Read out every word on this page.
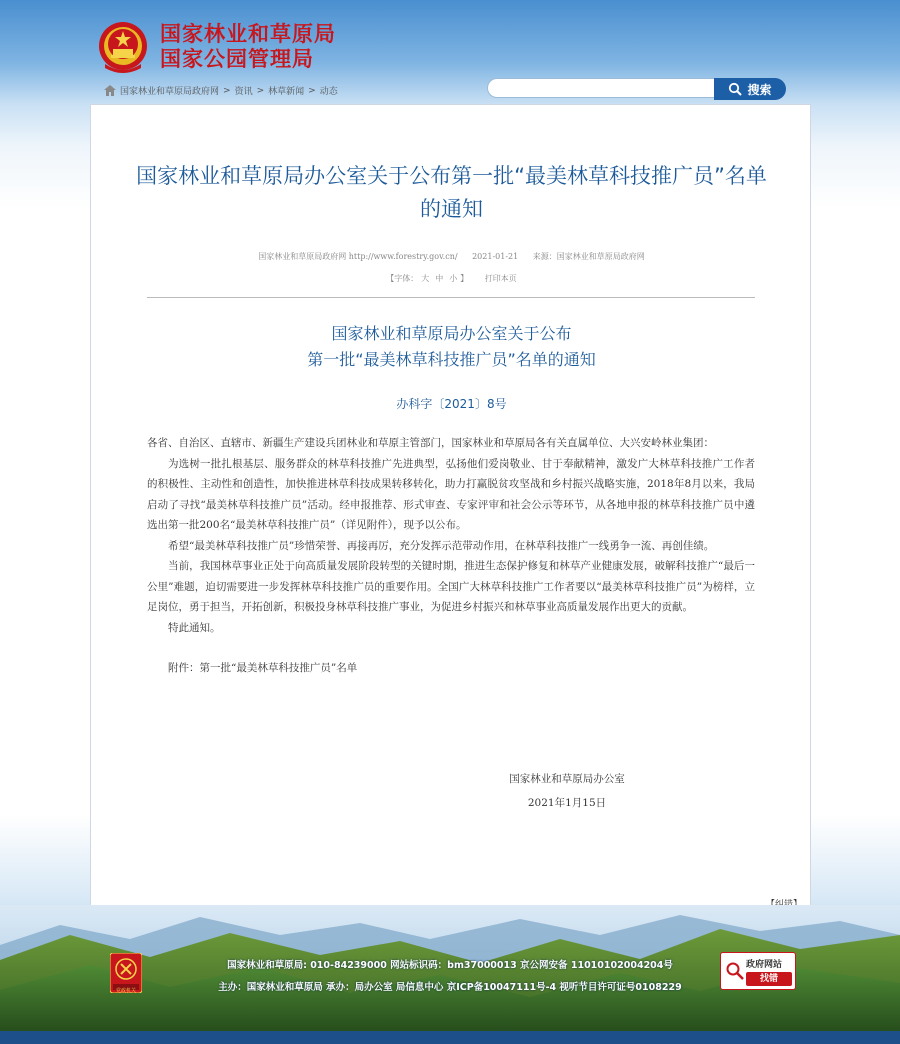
国家林业和草原局
国家公园管理局
国家林业和草原局政府网 > 资讯 > 林草新闻 > 动态	搜索
国家林业和草原局办公室关于公布第一批“最美林草科技推广员”名单的通知
国家林业和草原局政府网 http://www.forestry.gov.cn/ 2021-01-21 来源：国家林业和草原局政府网
【字体： 大 中 小 】 打印本页
国家林业和草原局办公室关于公布
第一批“最美林草科技推广员”名单的通知
办科字〔2021〕8号

各省、自治区、直辖市、新疆生产建设兵团林业和草原主管部门，国家林业和草原局各有关直属单位、大兴安岭林业集团：

为选树一批扎根基层、服务群众的林草科技推广先进典型，弘扬他们爱岗敬业、甘于奉献精神，激发广大林草科技推广工作者的积极性、主动性和创造性，加快推进林草科技成果转移转化，助力打赢脱贫攻坚战和乡村振兴战略实施，2018年8月以来，我局启动了寻找“最美林草科技推广员”活动。经申报推荐、形式审查、专家评审和社会公示等环节，从各地申报的林草科技推广员中遴选出第一批200名“最美林草科技推广员”（详见附件），现予以公布。

希望“最美林草科技推广员”珍惜荣誉、再接再厉，充分发挥示范带动作用，在林草科技推广一线勇争一流、再创佳绩。

当前，我国林草事业正处于向高质量发展阶段转型的关键时期，推进生态保护修复和林草产业健康发展，破解科技推广“最后一公里”难题，迫切需要进一步发挥林草科技推广员的重要作用。全国广大林草科技推广工作者要以“最美林草科技推广员”为榜样，立足岗位，勇于担当，开拓创新，积极投身林草科技推广事业，为促进乡村振兴和林草事业高质量发展作出更大的贡献。

特此通知。

附件：第一批“最美林草科技推广员”名单

国家林业和草原局办公室
2021年1月15日
党政机关
国家林业和草原局: 010-84239000 网站标识码：bm37000013 京公网安备 11010102004204号
主办：国家林业和草原局 承办：局办公室 局信息中心 京ICP备10047111号-4 视听节目许可证号0108229
政府网站
找错
